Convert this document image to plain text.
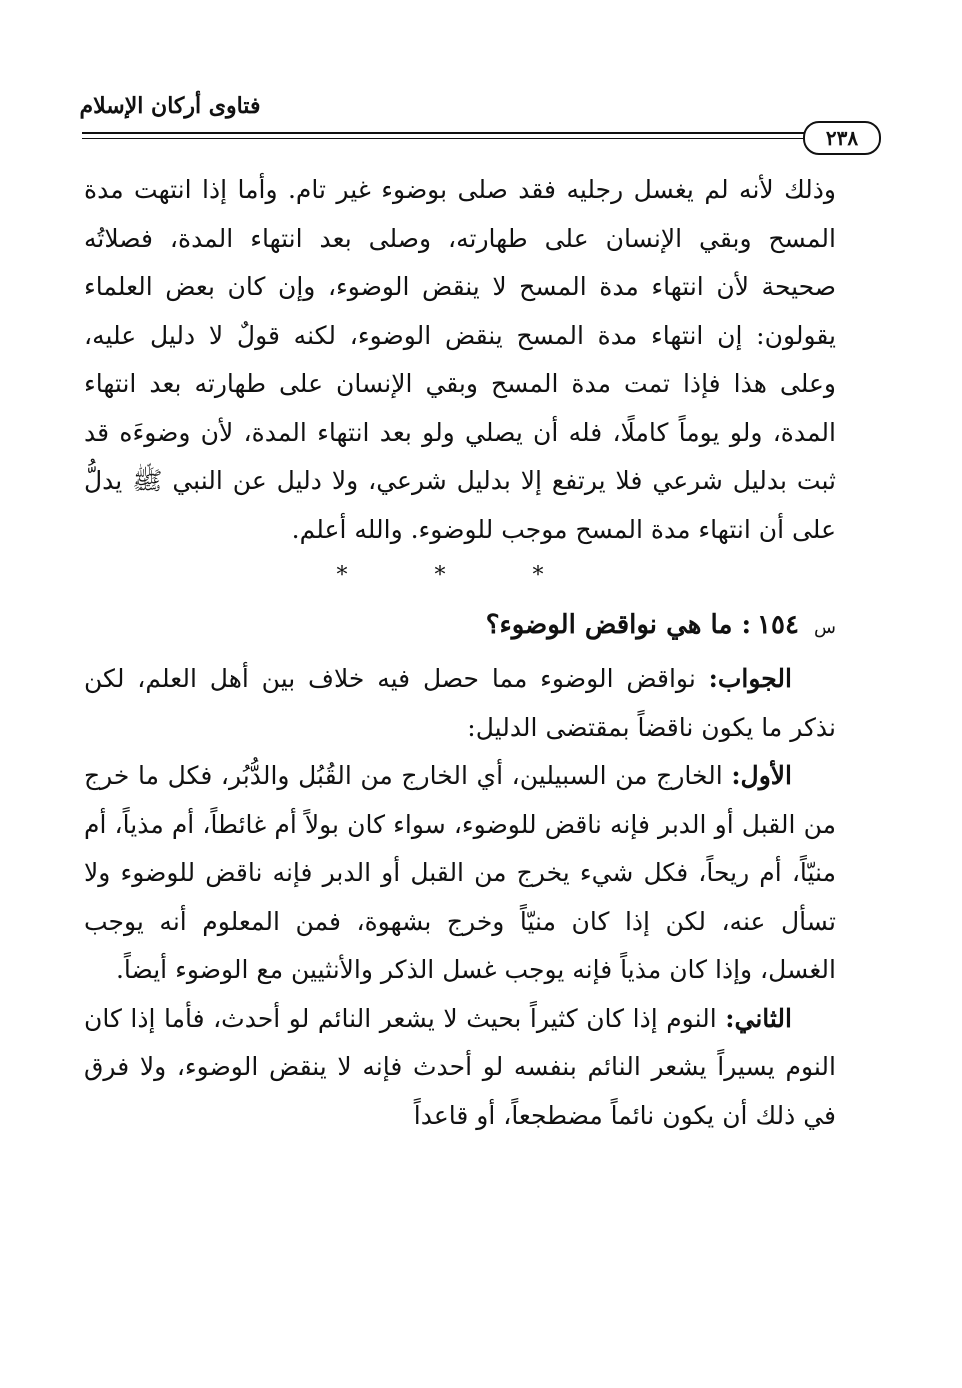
فتاوى أركان الإسلام
٢٣٨

وذلك لأنه لم يغسل رجليه فقد صلى بوضوء غير تام. وأما إذا انتهت مدة المسح وبقي الإنسان على طهارته، وصلى بعد انتهاء المدة، فصلاتُه صحيحة لأن انتهاء مدة المسح لا ينقض الوضوء، وإن كان بعض العلماء يقولون: إن انتهاء مدة المسح ينقض الوضوء، لكنه قولٌ لا دليل عليه، وعلى هذا فإذا تمت مدة المسح وبقي الإنسان على طهارته بعد انتهاء المدة، ولو يوماً كاملًا، فله أن يصلي ولو بعد انتهاء المدة، لأن وضوءَه قد ثبت بدليل شرعي فلا يرتفع إلا بدليل شرعي، ولا دليل عن النبي ﷺ يدلُّ على أن انتهاء مدة المسح موجب للوضوء. والله أعلم.

* * *
س ١٥٤: ما هي نواقض الوضوء؟

الجواب: نواقض الوضوء مما حصل فيه خلاف بين أهل العلم، لكن نذكر ما يكون ناقضاً بمقتضى الدليل:

الأول: الخارج من السبيلين، أي الخارج من القُبُل والدُّبُر، فكل ما خرج من القبل أو الدبر فإنه ناقض للوضوء، سواء كان بولاً أم غائطاً، أم مذياً، أم منيّاً، أم ريحاً، فكل شيء يخرج من القبل أو الدبر فإنه ناقض للوضوء ولا تسأل عنه، لكن إذا كان منيّاً وخرج بشهوة، فمن المعلوم أنه يوجب الغسل، وإذا كان مذياً فإنه يوجب غسل الذكر والأنثيين مع الوضوء أيضاً.

الثاني: النوم إذا كان كثيراً بحيث لا يشعر النائم لو أحدث، فأما إذا كان النوم يسيراً يشعر النائم بنفسه لو أحدث فإنه لا ينقض الوضوء، ولا فرق في ذلك أن يكون نائماً مضطجعاً، أو قاعداً
